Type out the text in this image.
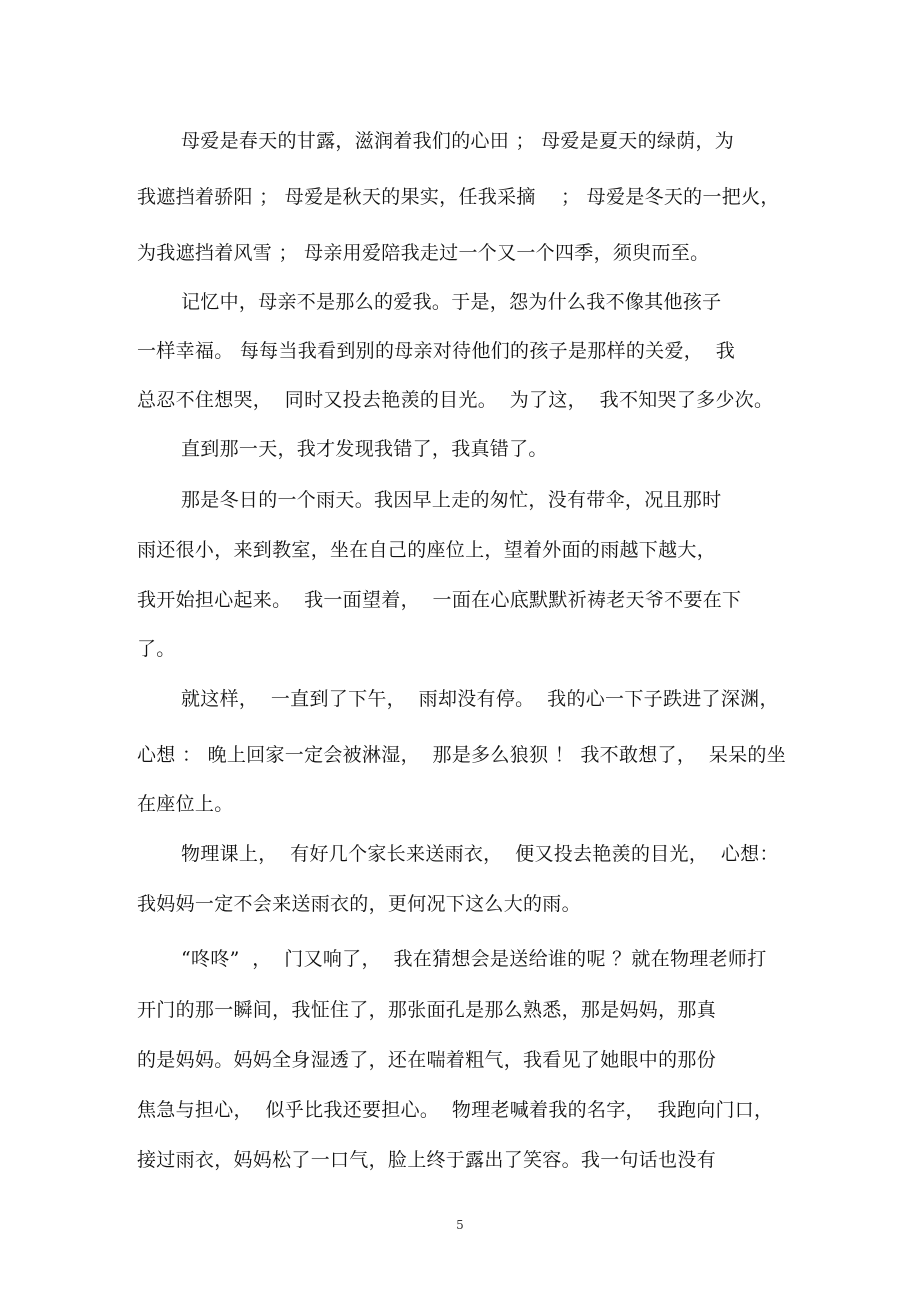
母爱是春天的甘露，滋润着我们的心田 ； 母爱是夏天的绿荫，为
我遮挡着骄阳 ； 母爱是秋天的果实，任我采摘    ； 母爱是冬天的一把火，
为我遮挡着风雪 ； 母亲用爱陪我走过一个又一个四季，须臾而至。
记忆中，母亲不是那么的爱我。于是，怨为什么我不像其他孩子
一样幸福。 每每当我看到别的母亲对待他们的孩子是那样的关爱，  我
总忍不住想哭，  同时又投去艳羡的目光。  为了这，  我不知哭了多少次。
直到那一天，我才发现我错了，我真错了。
那是冬日的一个雨天。我因早上走的匆忙，没有带伞，况且那时
雨还很小，来到教室，坐在自己的座位上，望着外面的雨越下越大，
我开始担心起来。  我一面望着，  一面在心底默默祈祷老天爷不要在下
了。
就这样，  一直到了下午，  雨却没有停。  我的心一下子跌进了深渊，
心想 ： 晚上回家一定会被淋湿，  那是多么狼狈 ！ 我不敢想了，  呆呆的坐
在座位上。
物理课上，  有好几个家长来送雨衣，  便又投去艳羡的目光，  心想：
我妈妈一定不会来送雨衣的，更何况下这么大的雨。
“咚咚”  ，  门又响了，  我在猜想会是送给谁的呢 ？就在物理老师打
开门的那一瞬间，我怔住了，那张面孔是那么熟悉，那是妈妈，那真
的是妈妈。妈妈全身湿透了，还在喘着粗气，我看见了她眼中的那份
焦急与担心，  似乎比我还要担心。  物理老喊着我的名字，  我跑向门口，
接过雨衣，妈妈松了一口气，脸上终于露出了笑容。我一句话也没有
5
